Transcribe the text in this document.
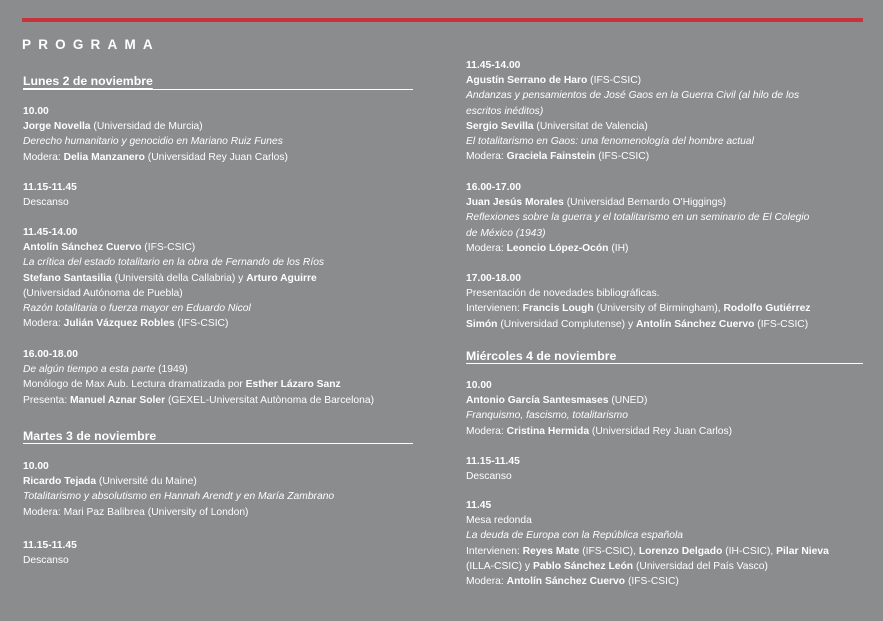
PROGRAMA
Lunes 2 de noviembre
10.00
Jorge Novella (Universidad de Murcia)
Derecho humanitario y genocidio en Mariano Ruiz Funes
Modera: Delia Manzanero (Universidad Rey Juan Carlos)
11.15-11.45
Descanso
11.45-14.00
Antolín Sánchez Cuervo (IFS-CSIC)
La crítica del estado totalitario en la obra de Fernando de los Ríos
Stefano Santasilia (Università della Callabria) y Arturo Aguirre
(Universidad Autónoma de Puebla)
Razón totalitaria o fuerza mayor en Eduardo Nicol
Modera: Julián Vázquez Robles (IFS-CSIC)
16.00-18.00
De algún tiempo a esta parte (1949)
Monólogo de Max Aub. Lectura dramatizada por Esther Lázaro Sanz
Presenta: Manuel Aznar Soler (GEXEL-Universitat Autònoma de Barcelona)
Martes 3 de noviembre
10.00
Ricardo Tejada (Université du Maine)
Totalitarismo y absolutismo en Hannah Arendt y en María Zambrano
Modera: Mari Paz Balibrea (University of London)
11.15-11.45
Descanso
11.45-14.00
Agustín Serrano de Haro (IFS-CSIC)
Andanzas y pensamientos de José Gaos en la Guerra Civil (al hilo de los
escritos inéditos)
Sergio Sevilla (Universitat de Valencia)
El totalitarismo en Gaos: una fenomenología del hombre actual
Modera: Graciela Fainstein (IFS-CSIC)
16.00-17.00
Juan Jesús Morales (Universidad Bernardo O'Higgings)
Reflexiones sobre la guerra y el totalitarismo en un seminario de El Colegio
de México (1943)
Modera: Leoncio López-Ocón (IH)
17.00-18.00
Presentación de novedades bibliográficas.
Intervienen: Francis Lough (University of Birmingham), Rodolfo Gutiérrez
Simón (Universidad Complutense) y Antolín Sánchez Cuervo (IFS-CSIC)
Miércoles 4 de noviembre
10.00
Antonio García Santesmases (UNED)
Franquismo, fascismo, totalitarismo
Modera: Cristina Hermida (Universidad Rey Juan Carlos)
11.15-11.45
Descanso
11.45
Mesa redonda
La deuda de Europa con la República española
Intervienen: Reyes Mate (IFS-CSIC), Lorenzo Delgado (IH-CSIC), Pilar Nieva
(ILLA-CSIC) y Pablo Sánchez León (Universidad del País Vasco)
Modera: Antolín Sánchez Cuervo (IFS-CSIC)
